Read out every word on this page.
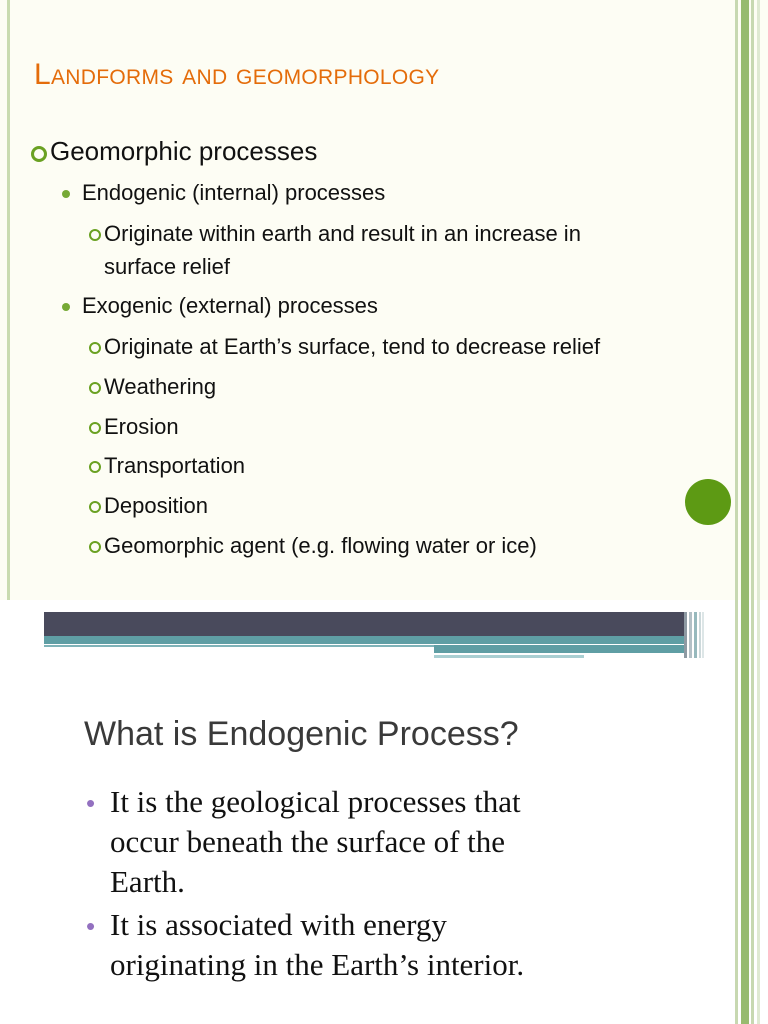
Landforms and geomorphology
Geomorphic processes
Endogenic (internal) processes
Originate within earth and result in an increase in
surface relief
Exogenic (external) processes
Originate at Earth’s surface, tend to decrease relief
Weathering
Erosion
Transportation
Deposition
Geomorphic agent (e.g. flowing water or ice)
What is Endogenic Process?
• It is the geological processes that
occur beneath the surface of the
Earth.
• It is associated with energy
originating in the Earth’s interior.
